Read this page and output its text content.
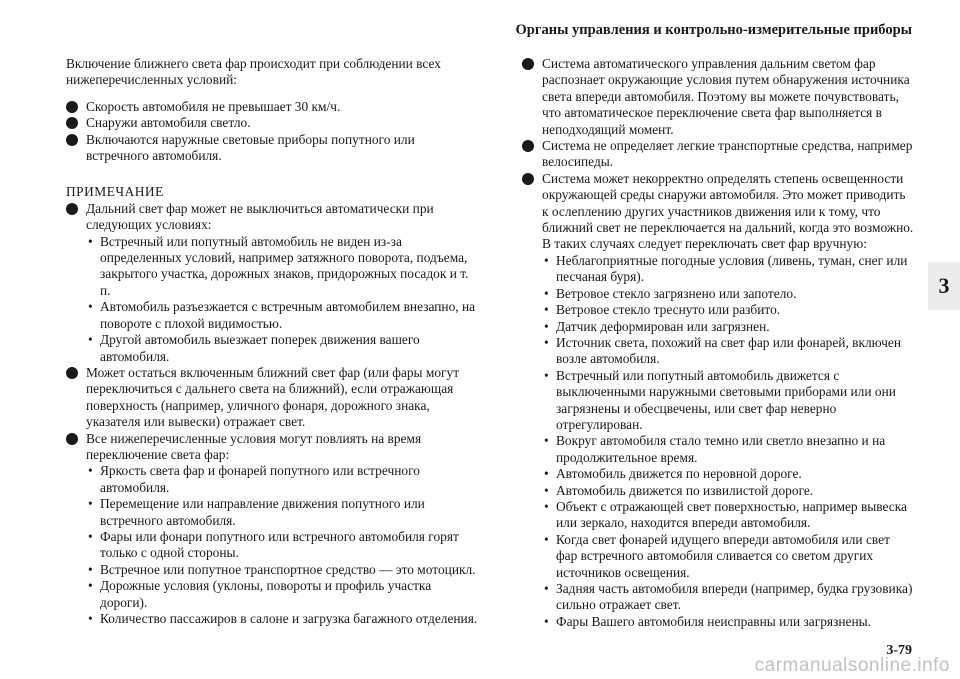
Органы управления и контрольно-измерительные приборы

Включение ближнего света фар происходит при соблюдении всех нижеперечисленных условий:

Скорость автомобиля не превышает 30 км/ч.
Снаружи автомобиля светло.
Включаются наружные световые приборы попутного или встречного автомобиля.

ПРИМЕЧАНИЕ

Дальний свет фар может не выключиться автоматически при следующих условиях:
• Встречный или попутный автомобиль не виден из-за определенных условий, например затяжного поворота, подъема, закрытого участка, дорожных знаков, придорожных посадок и т. п.
• Автомобиль разъезжается с встречным автомобилем внезапно, на повороте с плохой видимостью.
• Другой автомобиль выезжает поперек движения вашего автомобиля.
Может остаться включенным ближний свет фар (или фары могут переключиться с дальнего света на ближний), если отражающая поверхность (например, уличного фонаря, дорожного знака, указателя или вывески) отражает свет.
Все нижеперечисленные условия могут повлиять на время переключение света фар:
• Яркость света фар и фонарей попутного или встречного автомобиля.
• Перемещение или направление движения попутного или встречного автомобиля.
• Фары или фонари попутного или встречного автомобиля горят только с одной стороны.
• Встречное или попутное транспортное средство — это мотоцикл.
• Дорожные условия (уклоны, повороты и профиль участка дороги).
• Количество пассажиров в салоне и загрузка багажного отделения.
Система автоматического управления дальним светом фар распознает окружающие условия путем обнаружения источника света впереди автомобиля. Поэтому вы можете почувствовать, что автоматическое переключение света фар выполняется в неподходящий момент.
Система не определяет легкие транспортные средства, например велосипеды.
Система может некорректно определять степень освещенности окружающей среды снаружи автомобиля. Это может приводить к ослеплению других участников движения или к тому, что ближний свет не переключается на дальний, когда это возможно. В таких случаях следует переключать свет фар вручную:
• Неблагоприятные погодные условия (ливень, туман, снег или песчаная буря).
• Ветровое стекло загрязнено или запотело.
• Ветровое стекло треснуто или разбито.
• Датчик деформирован или загрязнен.
• Источник света, похожий на свет фар или фонарей, включен возле автомобиля.
• Встречный или попутный автомобиль движется с выключенными наружными световыми приборами или они загрязнены и обесцвечены, или свет фар неверно отрегулирован.
• Вокруг автомобиля стало темно или светло внезапно и на продолжительное время.
• Автомобиль движется по неровной дороге.
• Автомобиль движется по извилистой дороге.
• Объект с отражающей свет поверхностью, например вывеска или зеркало, находится впереди автомобиля.
• Когда свет фонарей идущего впереди автомобиля или свет фар встречного автомобиля сливается со светом других источников освещения.
• Задняя часть автомобиля впереди (например, будка грузовика) сильно отражает свет.
• Фары Вашего автомобиля неисправны или загрязнены.
3
3-79
carmanualsonline.info
